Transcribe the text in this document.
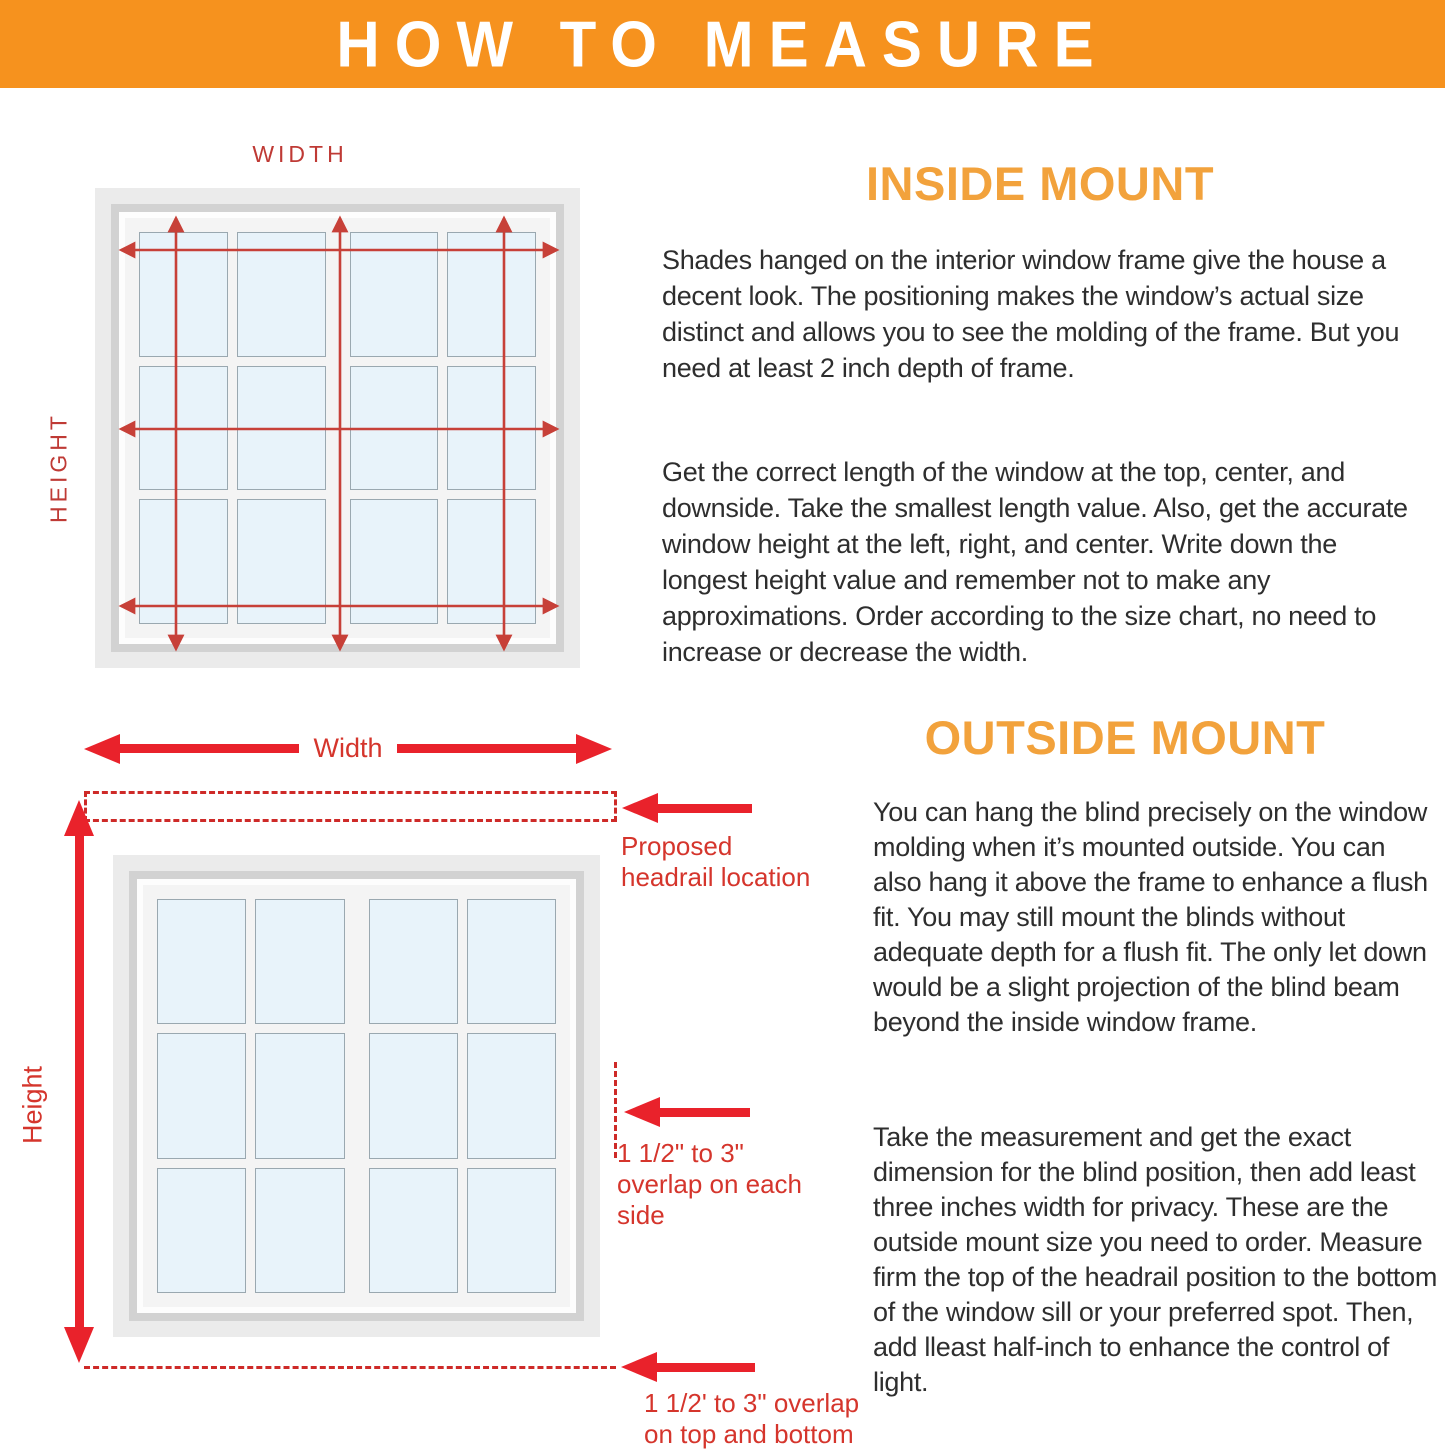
HOW TO MEASURE
WIDTH
HEIGHT
INSIDE MOUNT
Shades hanged on the interior window frame give the house a decent look. The positioning makes the window’s actual size distinct and allows you to see the molding of the frame. But you need at least 2 inch depth of frame.
Get the correct length of the window at the top, center, and downside. Take the smallest length value. Also, get the accurate window height at the left, right, and center. Write down the longest height value and remember not to make any approximations. Order according to the size chart, no need to increase or decrease the width.
Width
Proposed headrail location
Height
1 1/2" to 3" overlap on each side
1 1/2' to 3" overlap on top and bottom
OUTSIDE MOUNT
You can hang the blind precisely on the window molding when it’s mounted outside. You can also hang it above the frame to enhance a flush fit. You may still mount the blinds without adequate depth for a flush fit. The only let down would be a slight projection of the blind beam beyond the inside window frame.
Take the measurement and get the exact dimension for the blind position, then add least three inches width for privacy. These are the outside mount size you need to order. Measure firm the top of the headrail position to the bottom of the window sill or your preferred spot. Then, add lleast half-inch to enhance the control of light.
